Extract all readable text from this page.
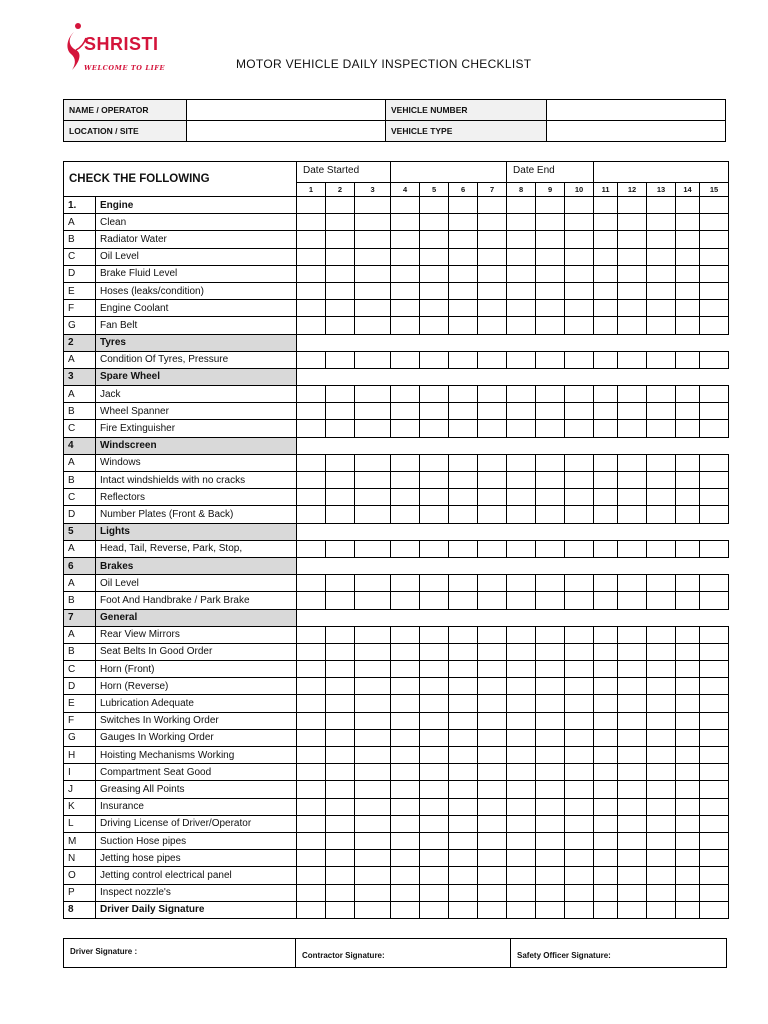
SHRISTI
WELCOME TO LIFE	MOTOR VEHICLE DAILY INSPECTION CHECKLIST
NAME / OPERATOR		VEHICLE NUMBER	
LOCATION / SITE		VEHICLE TYPE	
CHECK THE FOLLOWING		Date Started							Date End							
		1	2	3	4	5	6	7	8	9	10	11	12	13	14	15
1.	Engine															
A	Clean															
B	Radiator Water															
C	Oil Level															
D	Brake Fluid Level															
E	Hoses (leaks/condition)															
F	Engine Coolant															
G	Fan Belt															
2	Tyres															
A	Condition Of Tyres, Pressure															
3	Spare Wheel															
A	Jack															
B	Wheel Spanner															
C	Fire Extinguisher															
4	Windscreen															
A	Windows															
B	Intact windshields with no cracks															
C	Reflectors															
D	Number Plates (Front & Back)															
5	Lights															
A	Head, Tail, Reverse, Park, Stop,															
6	Brakes															
A	Oil Level															
B	Foot And Handbrake / Park Brake															
7	General															
A	Rear View Mirrors															
B	Seat Belts In Good Order															
C	Horn (Front)															
D	Horn (Reverse)															
E	Lubrication Adequate															
F	Switches In Working Order															
G	Gauges In Working Order															
H	Hoisting Mechanisms Working															
I	Compartment Seat Good															
J	Greasing All Points															
K	Insurance															
L	Driving License of Driver/Operator															
M	Suction Hose pipes															
N	Jetting hose pipes															
O	Jetting control electrical panel															
P	Inspect nozzle's															
8	Driver Daily Signature															
Driver Signature :	Contractor Signature:	Safety Officer Signature:
